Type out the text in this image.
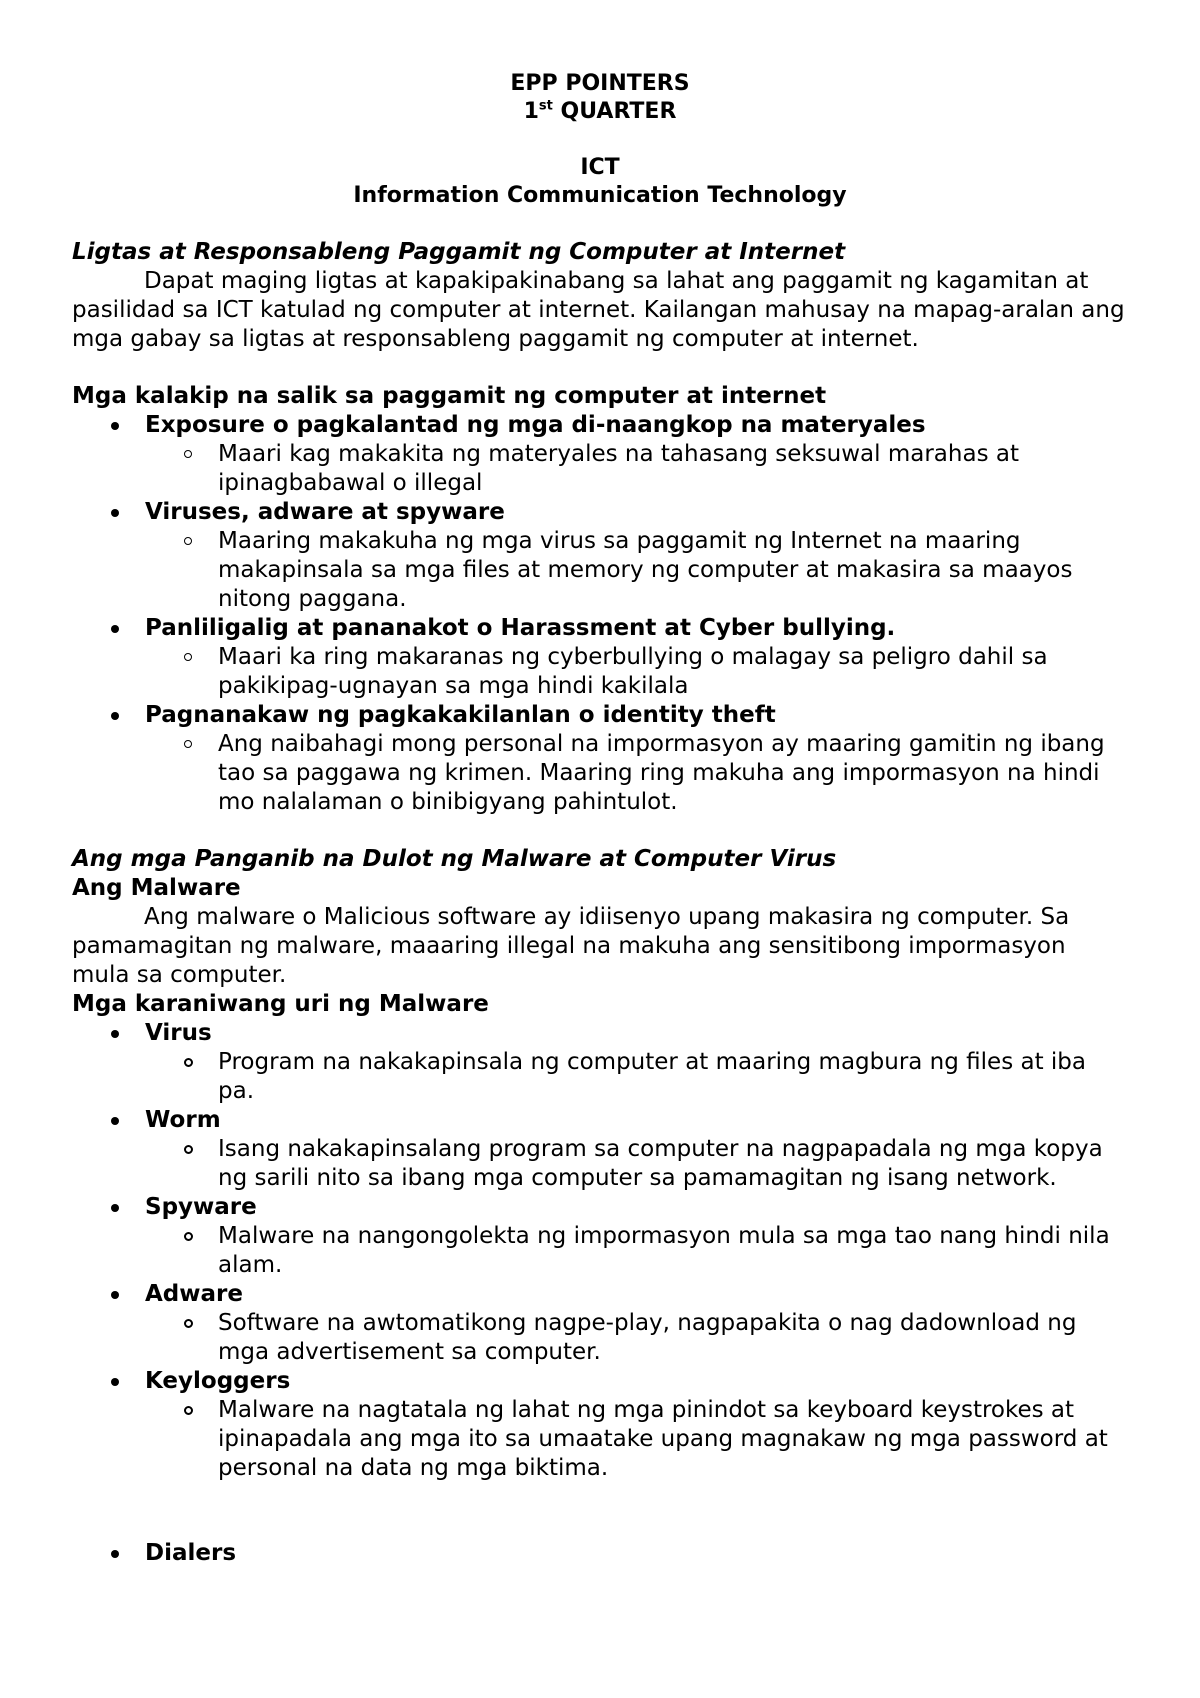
EPP POINTERS
1st QUARTER
ICT
Information Communication Technology
Ligtas at Responsableng Paggamit ng Computer at Internet

Dapat maging ligtas at kapakipakinabang sa lahat ang paggamit ng kagamitan at pasilidad sa ICT katulad ng computer at internet. Kailangan mahusay na mapag-aralan ang mga gabay sa ligtas at responsableng paggamit ng computer at internet.

Mga kalakip na salik sa paggamit ng computer at internet
Exposure o pagkalantad ng mga di-naangkop na materyales
Maari kag makakita ng materyales na tahasang seksuwal marahas at ipinagbabawal o illegal
Viruses, adware at spyware
Maaring makakuha ng mga virus sa paggamit ng Internet na maaring makapinsala sa mga files at memory ng computer at makasira sa maayos nitong paggana.
Panliligalig at pananakot o Harassment at Cyber bullying.
Maari ka ring makaranas ng cyberbullying o malagay sa peligro dahil sa pakikipag-ugnayan sa mga hindi kakilala
Pagnanakaw ng pagkakakilanlan o identity theft
Ang naibahagi mong personal na impormasyon ay maaring gamitin ng ibang tao sa paggawa ng krimen. Maaring ring makuha ang impormasyon na hindi mo nalalaman o binibigyang pahintulot.
Ang mga Panganib na Dulot ng Malware at Computer Virus
Ang Malware

Ang malware o Malicious software ay idiisenyo upang makasira ng computer. Sa pamamagitan ng malware, maaaring illegal na makuha ang sensitibong impormasyon mula sa computer.

Mga karaniwang uri ng Malware
Virus
Program na nakakapinsala ng computer at maaring magbura ng files at iba pa.
Worm
Isang nakakapinsalang program sa computer na nagpapadala ng mga kopya ng sarili nito sa ibang mga computer sa pamamagitan ng isang network.
Spyware
Malware na nangongolekta ng impormasyon mula sa mga tao nang hindi nila alam.
Adware
Software na awtomatikong nagpe-play, nagpapakita o nag dadownload ng mga advertisement sa computer.
Keyloggers
Malware na nagtatala ng lahat ng mga pinindot sa keyboard keystrokes at ipinapadala ang mga ito sa umaatake upang magnakaw ng mga password at personal na data ng mga biktima.
Dialers
